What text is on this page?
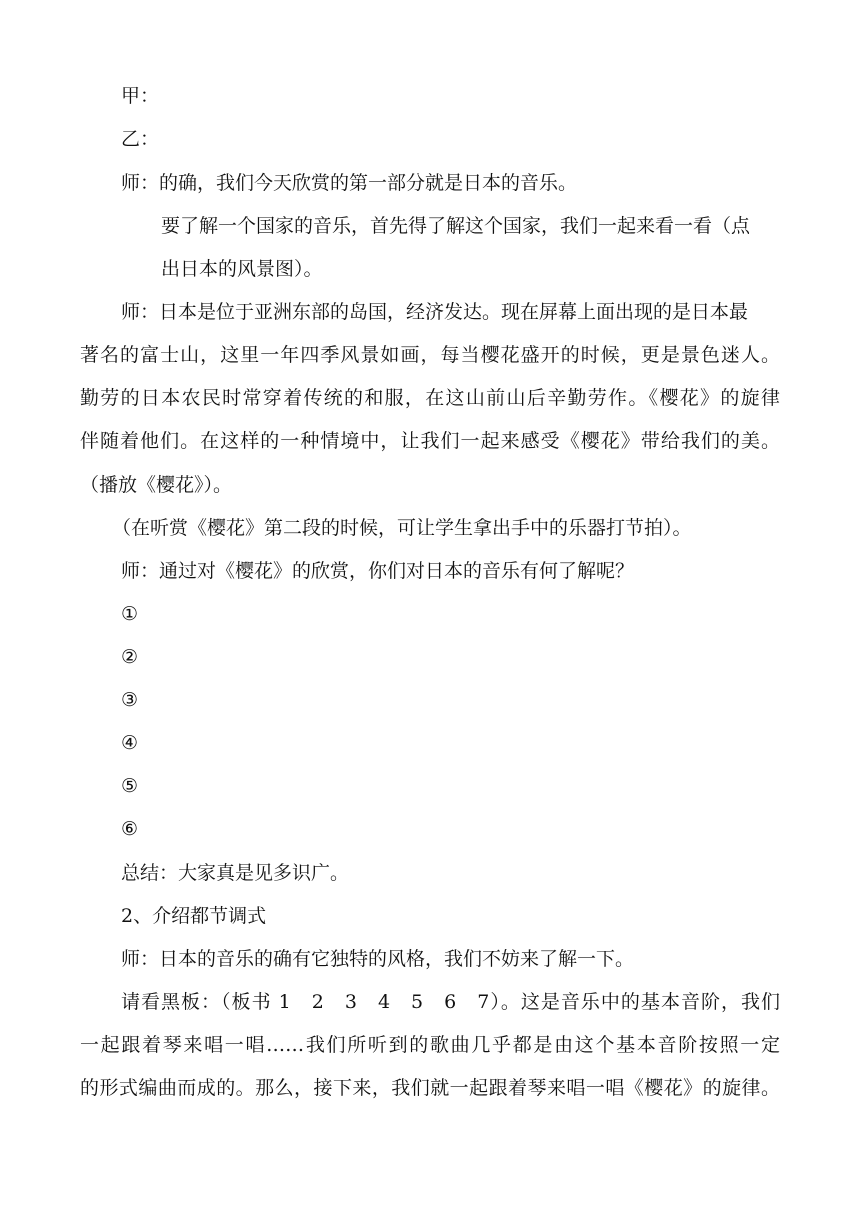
甲：
乙：
师：的确，我们今天欣赏的第一部分就是日本的音乐。
要了解一个国家的音乐，首先得了解这个国家，我们一起来看一看（点
出日本的风景图）。
师：日本是位于亚洲东部的岛国，经济发达。现在屏幕上面出现的是日本最
著名的富士山，这里一年四季风景如画，每当樱花盛开的时候，更是景色迷人。
勤劳的日本农民时常穿着传统的和服，在这山前山后辛勤劳作。《樱花》的旋律
伴随着他们。在这样的一种情境中，让我们一起来感受《樱花》带给我们的美。
（播放《樱花》）。
（在听赏《樱花》第二段的时候，可让学生拿出手中的乐器打节拍）。
师：通过对《樱花》的欣赏，你们对日本的音乐有何了解呢？
①
②
③
④
⑤
⑥
总结：大家真是见多识广。
2、介绍都节调式
师：日本的音乐的确有它独特的风格，我们不妨来了解一下。
请看黑板：（板书 1　2　3　4　5　6　7）。这是音乐中的基本音阶，我们
一起跟着琴来唱一唱……我们所听到的歌曲几乎都是由这个基本音阶按照一定
的形式编曲而成的。那么，接下来，我们就一起跟着琴来唱一唱《樱花》的旋律。
